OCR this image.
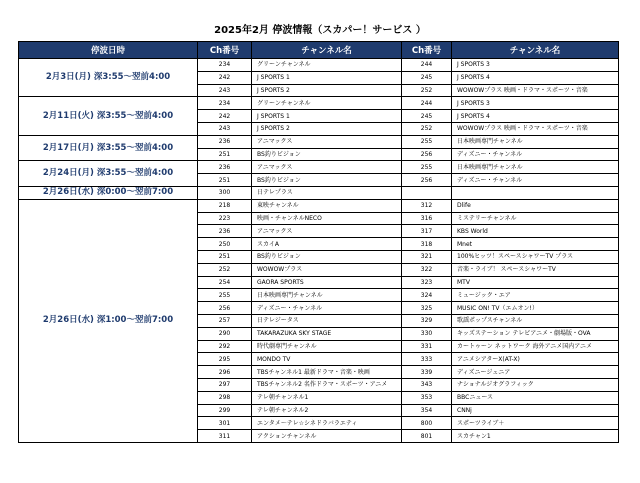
2025年2月 停波情報（スカパー！サービス ）
停波日時	Ch番号	チャンネル名	Ch番号	チャンネル名
2月3日(月) 深3:55～翌前4:00	234	グリーンチャンネル	244	J SPORTS 3
	242	J SPORTS 1	245	J SPORTS 4
	243	J SPORTS 2	252	WOWOWプラス 映画・ドラマ・スポーツ・音楽
2月11日(火) 深3:55～翌前4:00	234	グリーンチャンネル	244	J SPORTS 3
	242	J SPORTS 1	245	J SPORTS 4
	243	J SPORTS 2	252	WOWOWプラス 映画・ドラマ・スポーツ・音楽
2月17日(月) 深3:55～翌前4:00	236	アニマックス	255	日本映画専門チャンネル
	251	BS釣りビジョン	256	ディズニー・チャンネル
2月24日(月) 深3:55～翌前4:00	236	アニマックス	255	日本映画専門チャンネル
	251	BS釣りビジョン	256	ディズニー・チャンネル
2月26日(水) 深0:00～翌前7:00	300	日テレプラス		
2月26日(水) 深1:00～翌前7:00	218	東映チャンネル	312	Dlife
	223	映画・チャンネルNECO	316	ミステリーチャンネル
	236	アニマックス	317	KBS World
	250	スカイA	318	Mnet
	251	BS釣りビジョン	321	100%ヒッツ！スペースシャワーTV プラス
	252	WOWOWプラス	322	音楽・ライブ！ スペースシャワーTV
	254	GAORA SPORTS	323	MTV
	255	日本映画専門チャンネル	324	ミュージック・エア
	256	ディズニー・チャンネル	325	MUSIC ON! TV（エムオン!）
	257	日テレジータス	329	歌謡ポップスチャンネル
	290	TAKARAZUKA SKY STAGE	330	キッズステーション テレビアニメ・劇場版・OVA
	292	時代劇専門チャンネル	331	カートゥーン ネットワーク 海外アニメ国内アニメ
	295	MONDO TV	333	アニメシアターX(AT-X)
	296	TBSチャンネル1 最新ドラマ・音楽・映画	339	ディズニージュニア
	297	TBSチャンネル2 名作ドラマ・スポーツ・アニメ	343	ナショナルジオグラフィック
	298	テレ朝チャンネル1	353	BBCニュース
	299	テレ朝チャンネル2	354	CNNj
	301	エンタメ～テレ☆シネドラバラエティ	800	スポーツライブ＋
	311	アクションチャンネル	801	スカチャン1
